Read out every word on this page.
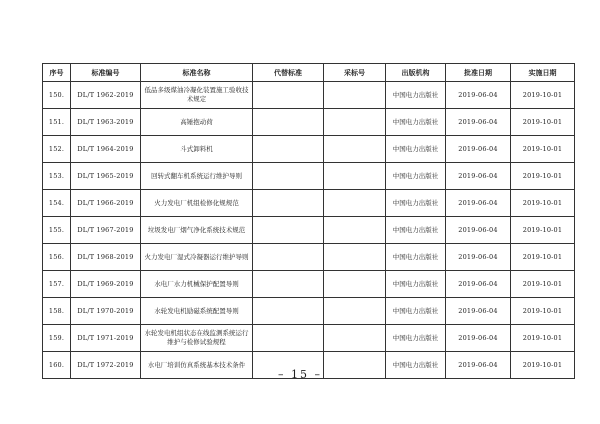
序号	标准编号	标准名称	代替标准	采标号	出版机构	批准日期	实施日期
150.	DL/T 1962-2019	低品多级煤油冷凝化装置施工验收技术规定			中国电力出版社	2019-06-04	2019-10-01
151.	DL/T 1963-2019	高锤抱动荷			中国电力出版社	2019-06-04	2019-10-01
152.	DL/T 1964-2019	斗式卸料机			中国电力出版社	2019-06-04	2019-10-01
153.	DL/T 1965-2019	回转式翻车机系统运行维护导则			中国电力出版社	2019-06-04	2019-10-01
154.	DL/T 1966-2019	火力发电厂机组检修化规规范			中国电力出版社	2019-06-04	2019-10-01
155.	DL/T 1967-2019	垃圾发电厂烟气净化系统技术规范			中国电力出版社	2019-06-04	2019-10-01
156.	DL/T 1968-2019	火力发电厂湿式冷凝器运行维护导则			中国电力出版社	2019-06-04	2019-10-01
157.	DL/T 1969-2019	水电厂水力机械保护配置导则			中国电力出版社	2019-06-04	2019-10-01
158.	DL/T 1970-2019	水轮发电机励磁系统配置导则			中国电力出版社	2019-06-04	2019-10-01
159.	DL/T 1971-2019	水轮发电机组状态在线监测系统运行维护与检修试验规程			中国电力出版社	2019-06-04	2019-10-01
160.	DL/T 1972-2019	水电厂培训仿真系统基本技术条件			中国电力出版社	2019-06-04	2019-10-01
– 15 –
